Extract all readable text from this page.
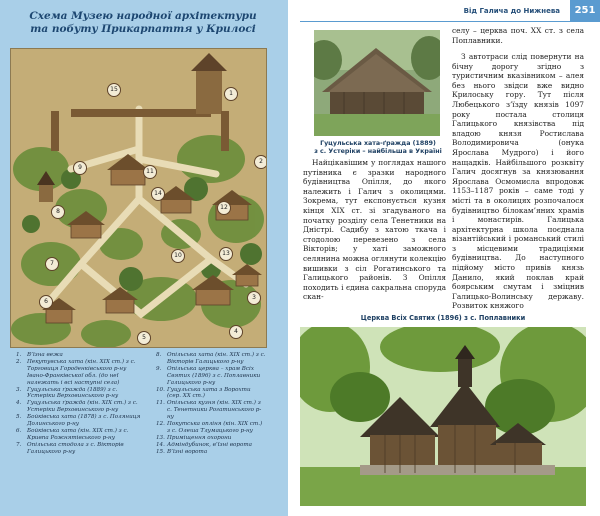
Схема Музею народної архітектури
та побуту Прикарпаття у Крилосі
15
1
2
9
8
11
12
13
14
10
7
6
5
4
3
1.	В’їзна вежа
2.	Пекутувська хата (кін. ХІХ ст.) з с. Торговиця Городенківського р-ну Івано-Франківської обл. (до неї належать і всі наступні села)
3.	Гуцульська ґражда (1889) з с. Устеріки Верховинського р-ну
4.	Гуцульська ґражда (кін. ХІХ ст.) з с. Устеріки Верховинського р-ну
5.	Бойківська хата (1878) з с. Поляниця Долинського р-ну
6.	Бойківська хата (кін. ХІХ ст.) з с. Кривпа Рожнятівського р-ну
7.	Опільська стодола з с. Вікторів Галицького р-ну
8.	Опільська хата (кін. ХІХ ст.) з с. Вікторів Галицького р-ну
9.	Опільська церква – храм Всіх Святих (1896) з с. Поплавники Галицького р-ну
10. Гуцульська хата з Ворохти (сер. ХХ ст.)
11. Опільська кузня (кін. ХІХ ст.) з с. Тенетники Рогатинського р-ну
12. Покутська опліня (кін. ХІХ ст.) з с. Олеша Тлумацького р-ну
13. Приміщення охорони
14. Адміндубинок, в’їзні ворота
15. В’їзні ворота
Від Галича до Нижнева	251
Гуцульська хата-ґражда (1889)
з с. Устеріки – найбільша в Україні

селу – церква поч. ХХ ст. з села Поплавники.

З автотраси слід повернути на бічну дорогу згідно з туристичним вказівником – алея без нього звідси вже видно Крилоську гору. Тут після Любецького з’їзду князів 1097 року постала столиця Галицького князівства під владою князя Ростислава Володимировича (онука Ярослава Мудрого) і його нащадків. Найбільшого розквіту Галич досягнув за князювання Ярослава Осмомисла впродовж 1153–1187 років – саме тоді у місті та в околицях розпочалося будівництво білокам’яних храмів і монастирів. Галицька архітектурна школа поєднала візантійський і романський стилі з місцевими традиціями будівництва. До наступного підйому місто привів князь Данило, який поклав край боярським смутам і зміцнив Галицько-Волинську державу. Розвиток княжого

Найцікавішим у поглядах нашого путівника є зразки народного будівництва Опілля, до якого належить і Галич з околицями. Зокрема, тут експонується кузня кінця ХІХ ст. зі згадуваного на початку розділу села Тенетники на Дністрі. Садибу з хатою ткача і стодолою перевезено з села Вікторів; у хаті заможного селянина можна оглянути колекцію вишивки з сіл Рогатинського та Галицького районів. З Опілля походить і єдина сакральна споруда скан-

Церква Всіх Святих (1896) з с. Поплавники
